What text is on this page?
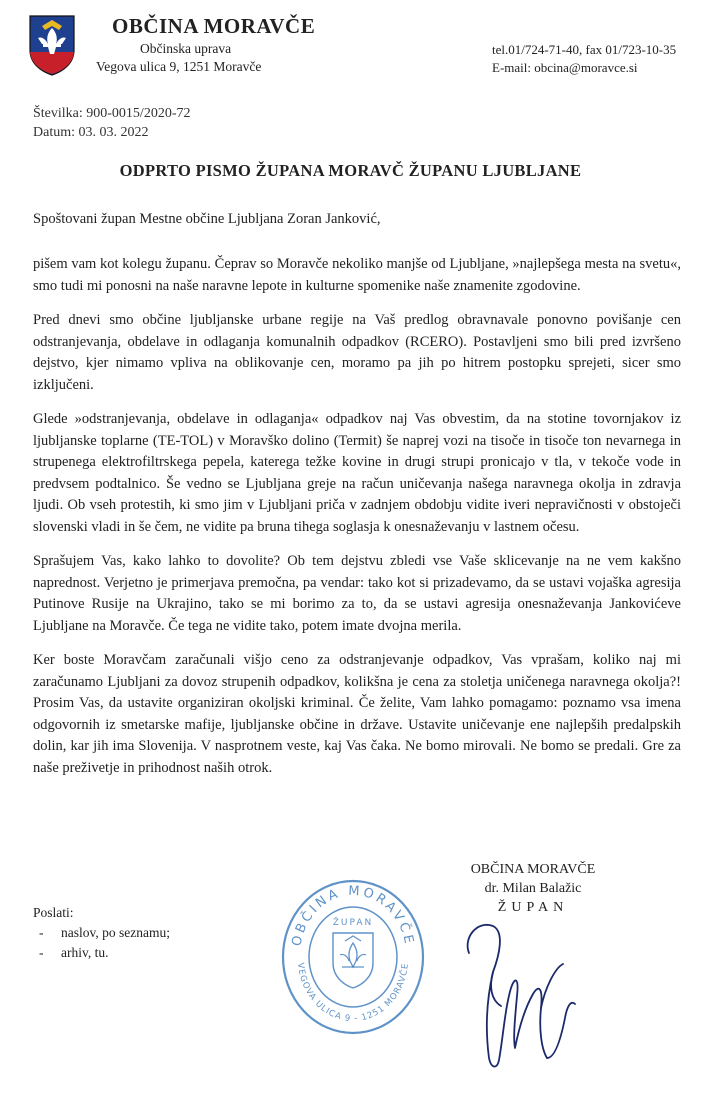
OBČINA MORAVČE
Občinska uprava
Vegova ulica 9, 1251 Moravče
tel.01/724-71-40, fax 01/723-10-35
E-mail: obcina@moravce.si
Številka: 900-0015/2020-72
Datum: 03. 03. 2022
ODPRTO PISMO ŽUPANA MORAVČ ŽUPANU LJUBLJANE
Spoštovani župan Mestne občine Ljubljana Zoran Janković,

pišem vam kot kolegu županu. Čeprav so Moravče nekoliko manjše od Ljubljane, »najlepšega mesta na svetu«, smo tudi mi ponosni na naše naravne lepote in kulturne spomenike naše znamenite zgodovine.

Pred dnevi smo občine ljubljanske urbane regije na Vaš predlog obravnavale ponovno povišanje cen odstranjevanja, obdelave in odlaganja komunalnih odpadkov (RCERO). Postavljeni smo bili pred izvršeno dejstvo, kjer nimamo vpliva na oblikovanje cen, moramo pa jih po hitrem postopku sprejeti, sicer smo izključeni.

Glede »odstranjevanja, obdelave in odlaganja« odpadkov naj Vas obvestim, da na stotine tovornjakov iz ljubljanske toplarne (TE-TOL) v Moravško dolino (Termit) še naprej vozi na tisoče in tisoče ton nevarnega in strupenega elektrofiltrskega pepela, katerega težke kovine in drugi strupi pronicajo v tla, v tekoče vode in predvsem podtalnico. Še vedno se Ljubljana greje na račun uničevanja našega naravnega okolja in zdravja ljudi. Ob vseh protestih, ki smo jim v Ljubljani priča v zadnjem obdobju vidite iveri nepravičnosti v obstoječi slovenski vladi in še čem, ne vidite pa bruna tihega soglasja k onesnaževanju v lastnem očesu.

Sprašujem Vas, kako lahko to dovolite? Ob tem dejstvu zbledi vse Vaše sklicevanje na ne vem kakšno naprednost. Verjetno je primerjava premočna, pa vendar: tako kot si prizadevamo, da se ustavi vojaška agresija Putinove Rusije na Ukrajino, tako se mi borimo za to, da se ustavi agresija onesnaževanja Jankovićeve Ljubljane na Moravče. Če tega ne vidite tako, potem imate dvojna merila.

Ker boste Moravčam zaračunali višjo ceno za odstranjevanje odpadkov, Vas vprašam, koliko naj mi zaračunamo Ljubljani za dovoz strupenih odpadkov, kolikšna je cena za stoletja uničenega naravnega okolja?! Prosim Vas, da ustavite organiziran okoljski kriminal. Če želite, Vam lahko pomagamo: poznamo vsa imena odgovornih iz smetarske mafije, ljubljanske občine in države. Ustavite uničevanje ene najlepših predalpskih dolin, kar jih ima Slovenija. V nasprotnem veste, kaj Vas čaka. Ne bomo mirovali. Ne bomo se predali. Gre za naše preživetje in prihodnost naših otrok.

OBČINA MORAVČE
dr. Milan Balažic
ŽUPAN
Poslati:
- naslov, po seznamu;
- arhiv, tu.
OBČINA MORAVČE
VEGOVA ULICA 9 - 1251 MORAVČE
ŽUPAN
